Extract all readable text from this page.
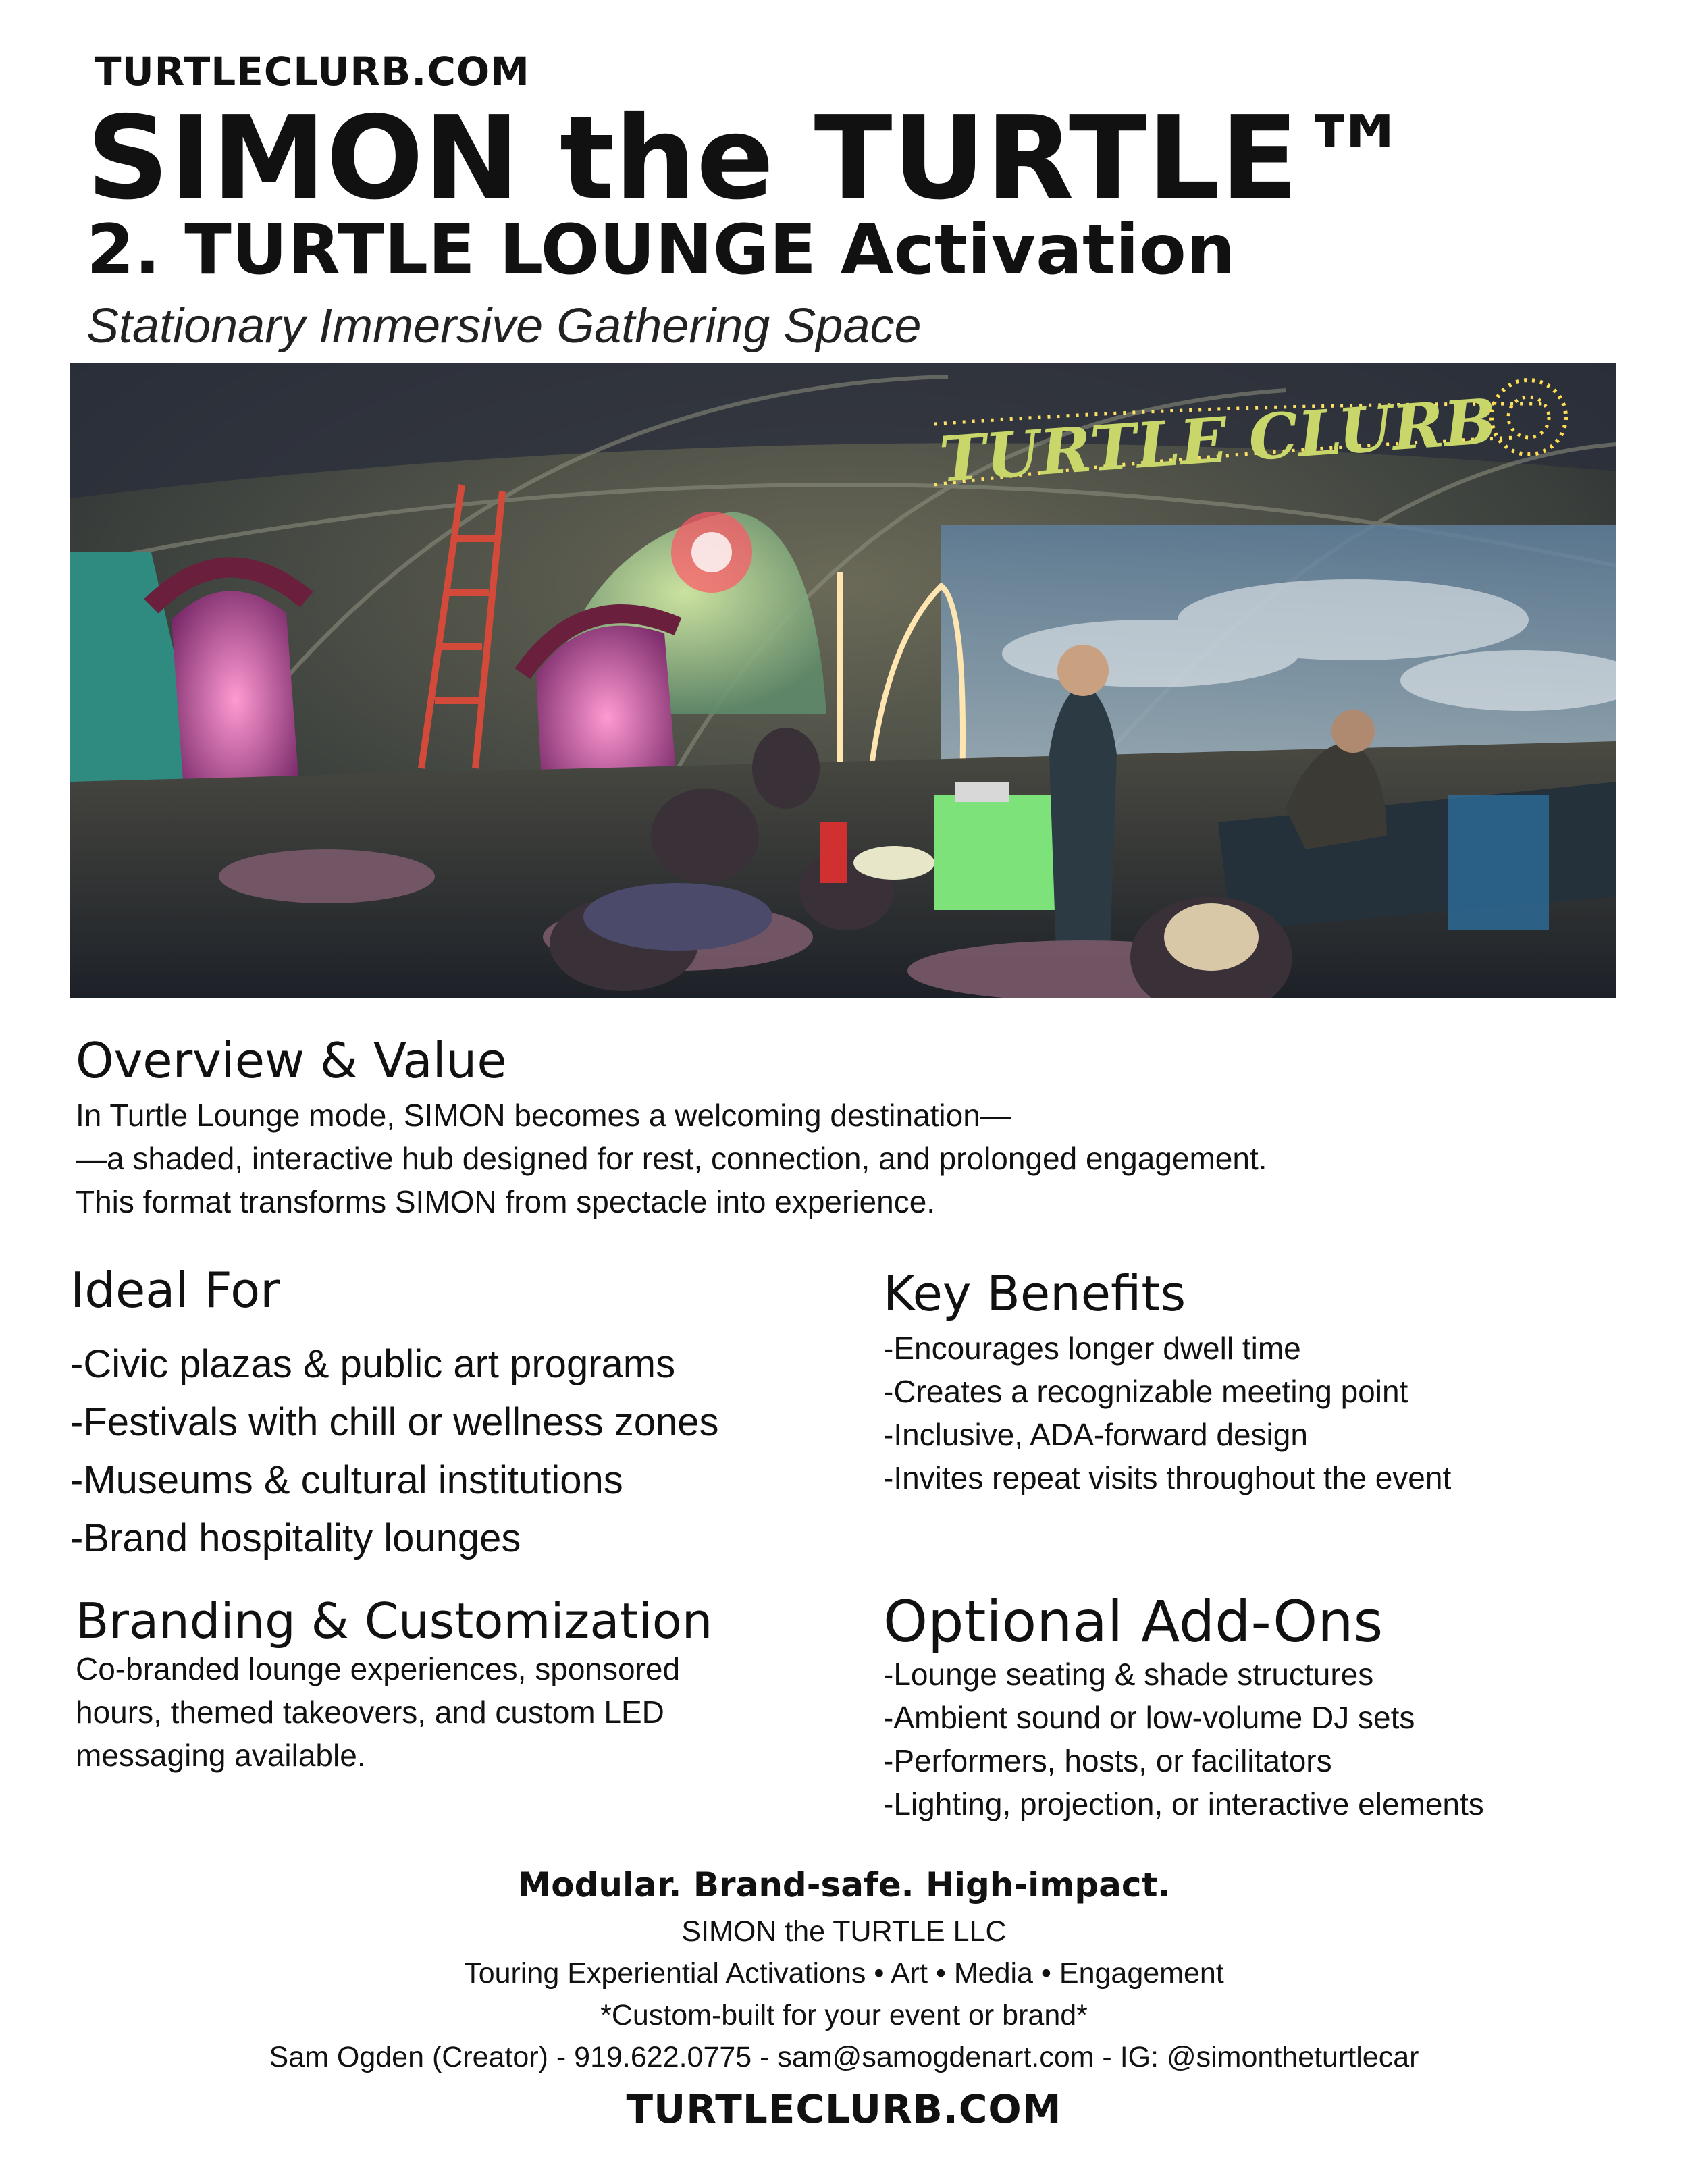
TURTLECLURB.COM
SIMON the TURTLE™
2. TURTLE LOUNGE Activation
Stationary Immersive Gathering Space
TURTLE CLURB
Overview & Value
In Turtle Lounge mode, SIMON becomes a welcoming destination—
—a shaded, interactive hub designed for rest, connection, and prolonged engagement.
This format transforms SIMON from spectacle into experience.
Ideal For
-Civic plazas & public art programs
-Festivals with chill or wellness zones
-Museums & cultural institutions
-Brand hospitality lounges
Key Benefits
-Encourages longer dwell time
-Creates a recognizable meeting point
-Inclusive, ADA-forward design
-Invites repeat visits throughout the event
Branding & Customization
Co-branded lounge experiences, sponsored
hours, themed takeovers, and custom LED
messaging available.
Optional Add-Ons
-Lounge seating & shade structures
-Ambient sound or low-volume DJ sets
-Performers, hosts, or facilitators
-Lighting, projection, or interactive elements
Modular. Brand-safe. High-impact.
SIMON the TURTLE LLC
Touring Experiential Activations • Art • Media • Engagement
*Custom-built for your event or brand*
Sam Ogden (Creator) - 919.622.0775 - sam@samogdenart.com - IG: @simontheturtlecar
TURTLECLURB.COM
